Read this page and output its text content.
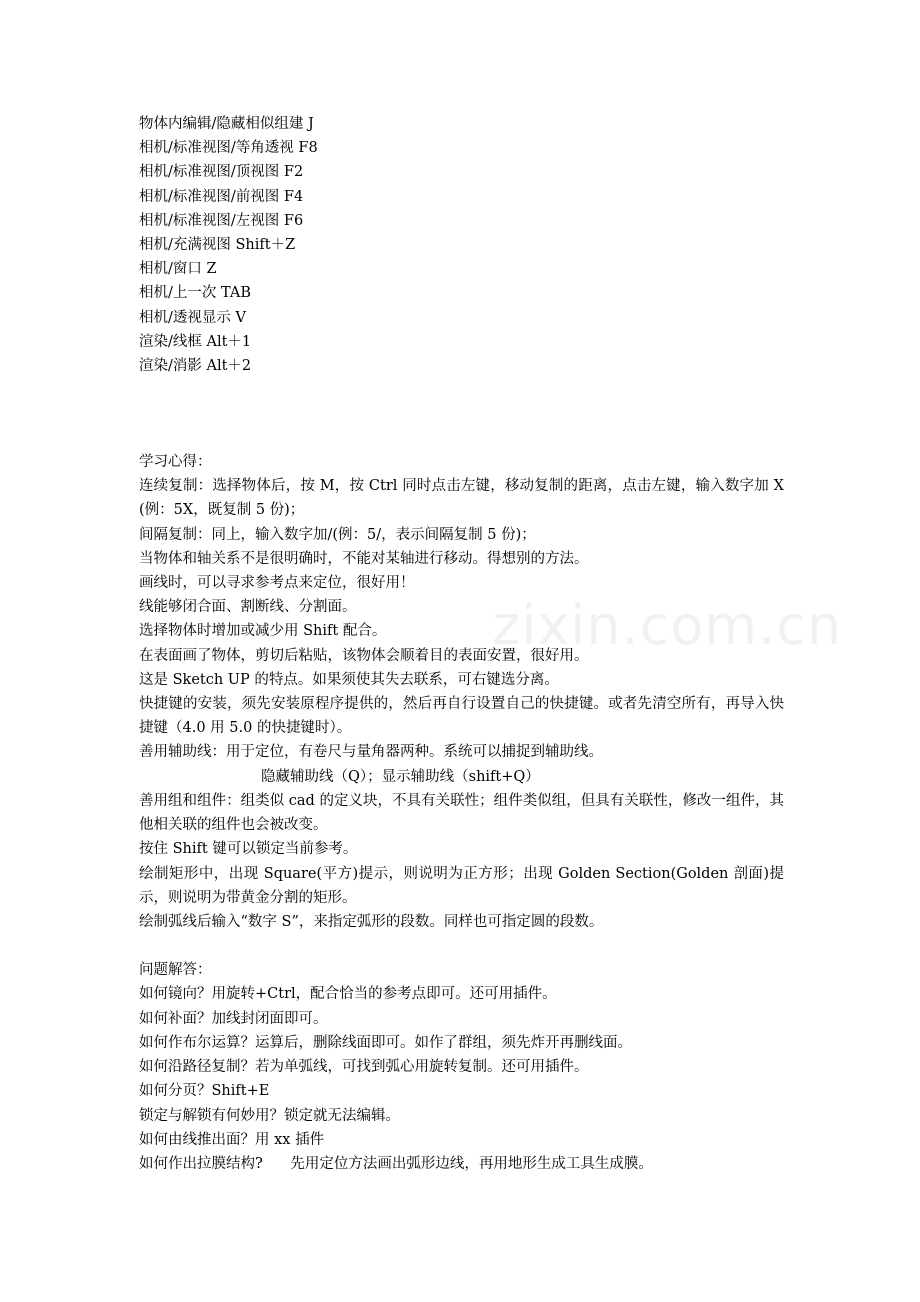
zixin.com.cn
物体内编辑/隐藏相似组建 J
相机/标准视图/等角透视 F8
相机/标准视图/顶视图 F2
相机/标准视图/前视图 F4
相机/标准视图/左视图 F6
相机/充满视图 Shift＋Z
相机/窗口 Z
相机/上一次 TAB
相机/透视显示 V
渲染/线框 Alt＋1
渲染/消影 Alt＋2
学习心得：
连续复制：选择物体后，按 M，按 Ctrl 同时点击左键，移动复制的距离，点击左键，输入数字加 X(例：5X，既复制 5 份)；
间隔复制：同上，输入数字加/(例：5/，表示间隔复制 5 份)；
当物体和轴关系不是很明确时，不能对某轴进行移动。得想别的方法。
画线时，可以寻求参考点来定位，很好用！
线能够闭合面、割断线、分割面。
选择物体时增加或减少用 Shift 配合。
在表面画了物体，剪切后粘贴，该物体会顺着目的表面安置，很好用。
这是 Sketch UP 的特点。如果须使其失去联系，可右键选分离。
快捷键的安装，须先安装原程序提供的，然后再自行设置自己的快捷键。或者先清空所有，再导入快捷键（4.0 用 5.0 的快捷键时）。
善用辅助线：用于定位，有卷尺与量角器两种。系统可以捕捉到辅助线。
隐藏辅助线（Q）；显示辅助线（shift+Q）
善用组和组件：组类似 cad 的定义块，不具有关联性；组件类似组，但具有关联性，修改一组件，其他相关联的组件也会被改变。
按住 Shift 键可以锁定当前参考。
绘制矩形中，出现 Square(平方)提示，则说明为正方形；出现 Golden Section(Golden 剖面)提示，则说明为带黄金分割的矩形。
绘制弧线后输入“数字 S”，来指定弧形的段数。同样也可指定圆的段数。
问题解答：
如何镜向？用旋转+Ctrl，配合恰当的参考点即可。还可用插件。
如何补面？加线封闭面即可。
如何作布尔运算？运算后，删除线面即可。如作了群组，须先炸开再删线面。
如何沿路径复制？若为单弧线，可找到弧心用旋转复制。还可用插件。
如何分页？Shift+E
锁定与解锁有何妙用？锁定就无法编辑。
如何由线推出面？用 xx 插件
如何作出拉膜结构?      先用定位方法画出弧形边线，再用地形生成工具生成膜。
